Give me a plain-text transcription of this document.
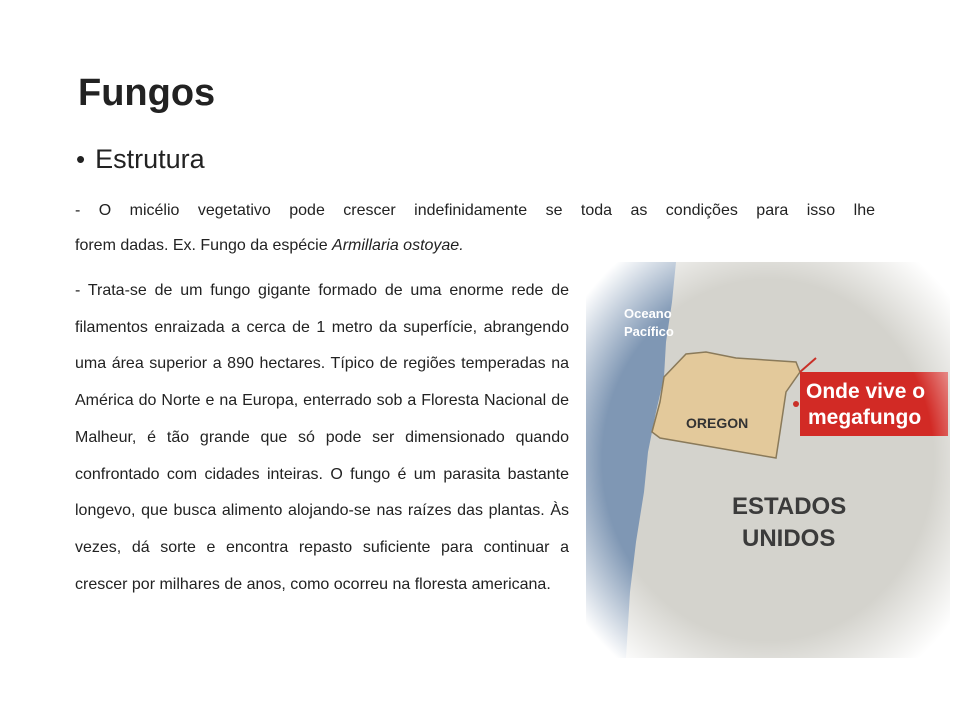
Fungos
• Estrutura

- O micélio vegetativo pode crescer indefinidamente se toda as condições para isso lhe
forem dadas. Ex. Fungo da espécie Armillaria ostoyae.

- Trata-se de um fungo gigante formado de uma enorme rede de filamentos enraizada a cerca de 1 metro da superfície, abrangendo uma área superior a 890 hectares. Típico de regiões temperadas na América do Norte e na Europa, enterrado sob a Floresta Nacional de Malheur, é tão grande que só pode ser dimensionado quando confrontado com cidades inteiras. O fungo é um parasita bastante longevo, que busca alimento alojando-se nas raízes das plantas. Às vezes, dá sorte e encontra repasto suficiente para continuar a crescer por milhares de anos, como ocorreu na floresta americana.
